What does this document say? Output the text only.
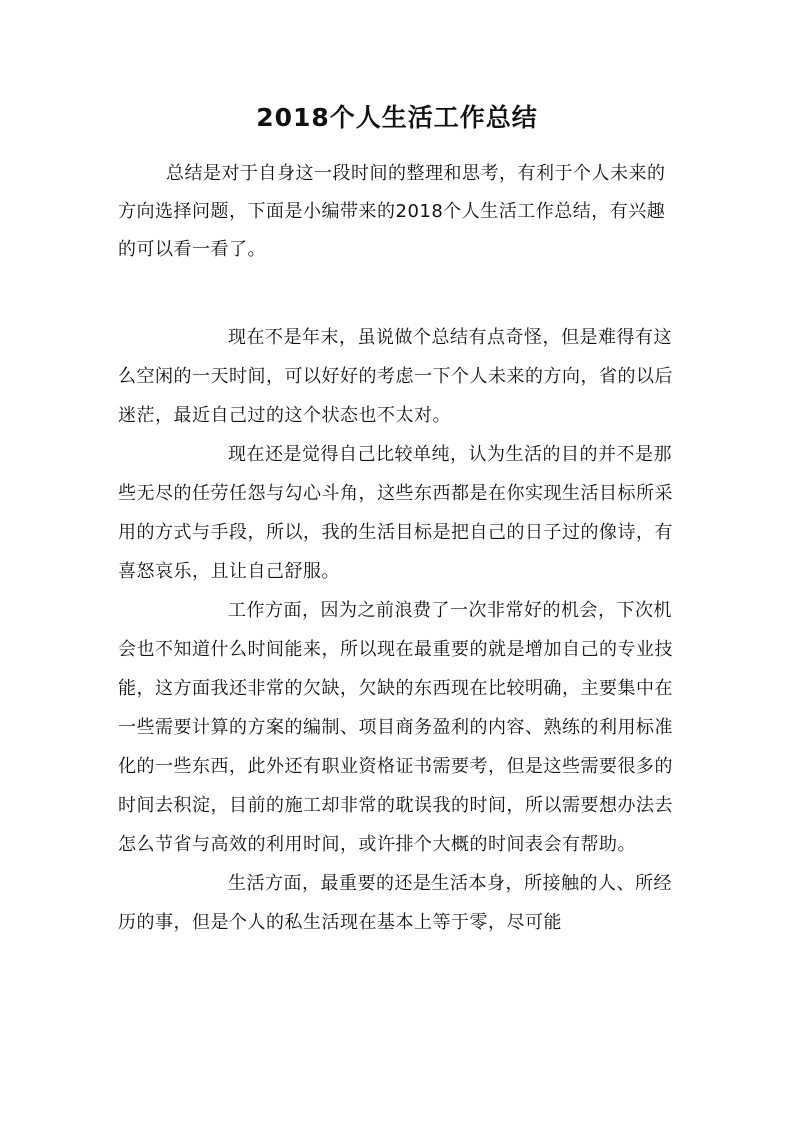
2018个人生活工作总结

总结是对于自身这一段时间的整理和思考，有利于个人未来的方向选择问题，下面是小编带来的2018个人生活工作总结，有兴趣的可以看一看了。

现在不是年末，虽说做个总结有点奇怪，但是难得有这么空闲的一天时间，可以好好的考虑一下个人未来的方向，省的以后迷茫，最近自己过的这个状态也不太对。

现在还是觉得自己比较单纯，认为生活的目的并不是那些无尽的任劳任怨与勾心斗角，这些东西都是在你实现生活目标所采用的方式与手段，所以，我的生活目标是把自己的日子过的像诗，有喜怒哀乐，且让自己舒服。

工作方面，因为之前浪费了一次非常好的机会，下次机会也不知道什么时间能来，所以现在最重要的就是增加自己的专业技能，这方面我还非常的欠缺，欠缺的东西现在比较明确，主要集中在一些需要计算的方案的编制、项目商务盈利的内容、熟练的利用标准化的一些东西，此外还有职业资格证书需要考，但是这些需要很多的时间去积淀，目前的施工却非常的耽误我的时间，所以需要想办法去怎么节省与高效的利用时间，或许排个大概的时间表会有帮助。

生活方面，最重要的还是生活本身，所接触的人、所经历的事，但是个人的私生活现在基本上等于零，尽可能
